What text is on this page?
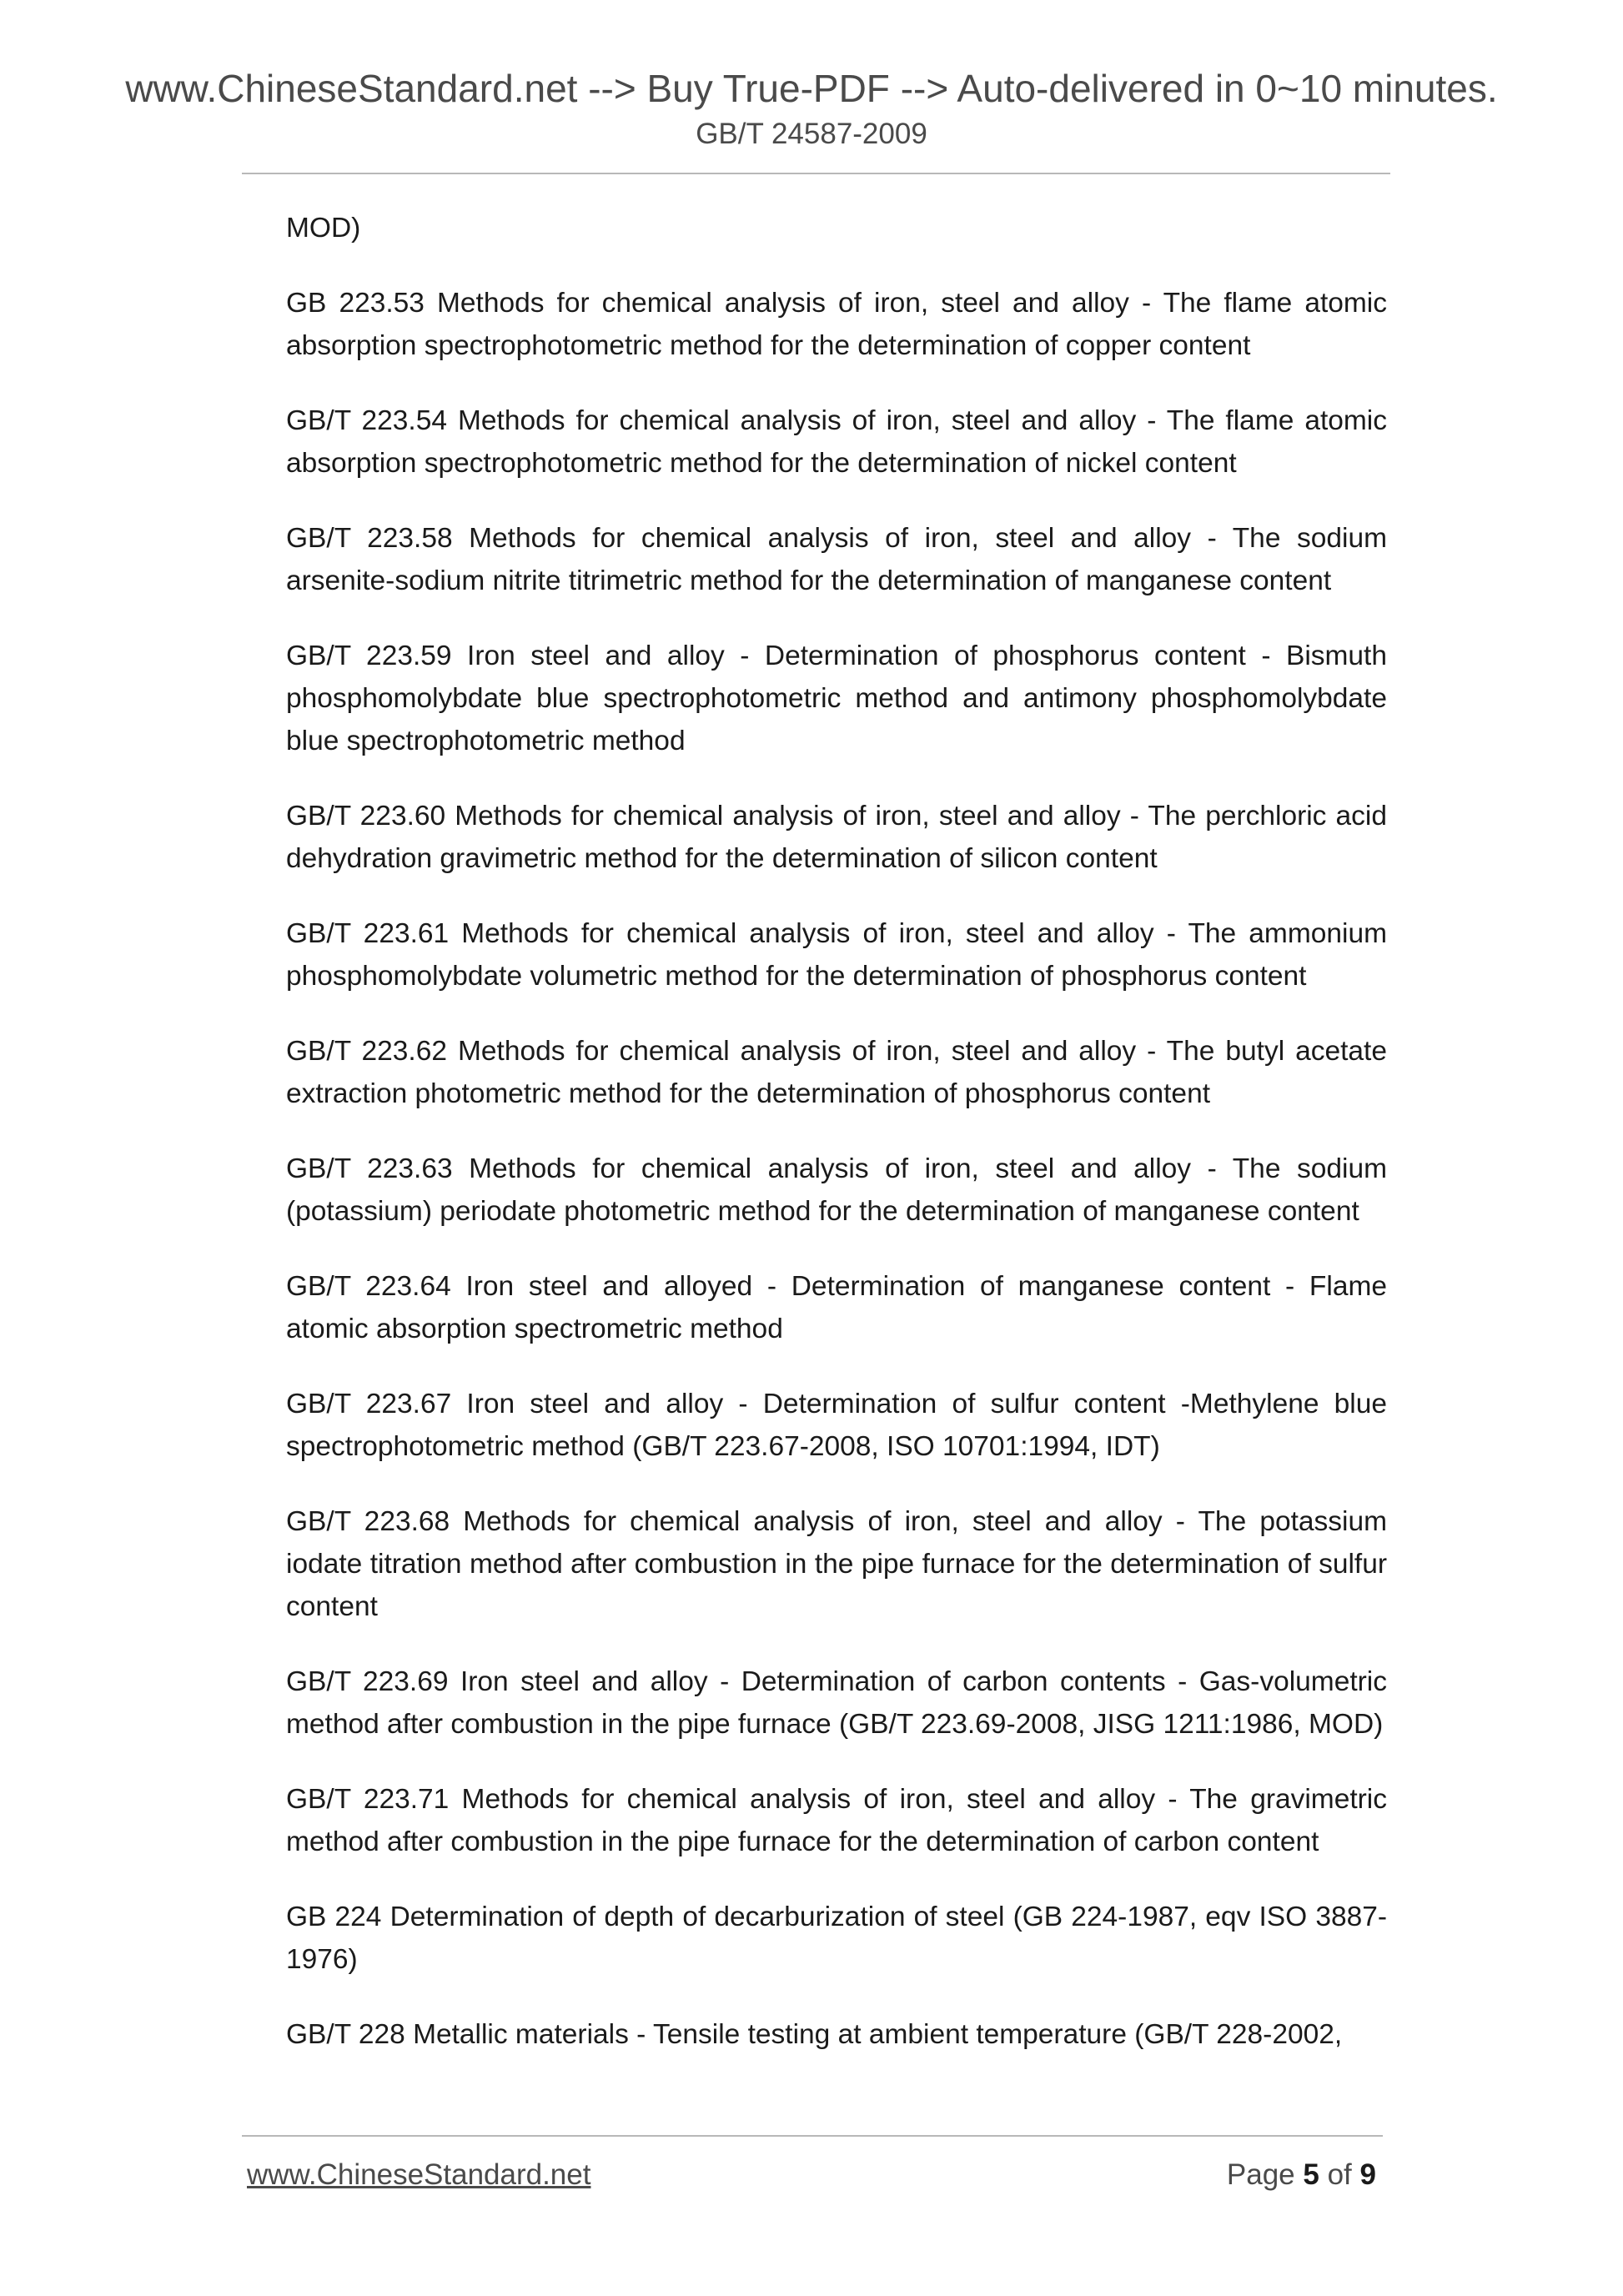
www.ChineseStandard.net --> Buy True-PDF --> Auto-delivered in 0~10 minutes.
GB/T 24587-2009

MOD)

GB 223.53 Methods for chemical analysis of iron, steel and alloy - The flame atomic absorption spectrophotometric method for the determination of copper content

GB/T 223.54 Methods for chemical analysis of iron, steel and alloy - The flame atomic absorption spectrophotometric method for the determination of nickel content

GB/T 223.58 Methods for chemical analysis of iron, steel and alloy - The sodium arsenite-sodium nitrite titrimetric method for the determination of manganese content

GB/T 223.59 Iron steel and alloy - Determination of phosphorus content - Bismuth phosphomolybdate blue spectrophotometric method and antimony phosphomolybdate blue spectrophotometric method

GB/T 223.60 Methods for chemical analysis of iron, steel and alloy - The perchloric acid dehydration gravimetric method for the determination of silicon content

GB/T 223.61 Methods for chemical analysis of iron, steel and alloy - The ammonium phosphomolybdate volumetric method for the determination of phosphorus content

GB/T 223.62 Methods for chemical analysis of iron, steel and alloy - The butyl acetate extraction photometric method for the determination of phosphorus content

GB/T 223.63 Methods for chemical analysis of iron, steel and alloy - The sodium (potassium) periodate photometric method for the determination of manganese content

GB/T 223.64 Iron steel and alloyed - Determination of manganese content - Flame atomic absorption spectrometric method

GB/T 223.67 Iron steel and alloy - Determination of sulfur content -Methylene blue spectrophotometric method (GB/T 223.67-2008, ISO 10701:1994, IDT)

GB/T 223.68 Methods for chemical analysis of iron, steel and alloy - The potassium iodate titration method after combustion in the pipe furnace for the determination of sulfur content

GB/T 223.69 Iron steel and alloy - Determination of carbon contents - Gas-volumetric method after combustion in the pipe furnace (GB/T 223.69-2008, JISG 1211:1986, MOD)

GB/T 223.71 Methods for chemical analysis of iron, steel and alloy - The gravimetric method after combustion in the pipe furnace for the determination of carbon content

GB 224 Determination of depth of decarburization of steel (GB 224-1987, eqv ISO 3887-1976)

GB/T 228 Metallic materials - Tensile testing at ambient temperature (GB/T 228-2002,

www.ChineseStandard.net	Page 5 of 9
